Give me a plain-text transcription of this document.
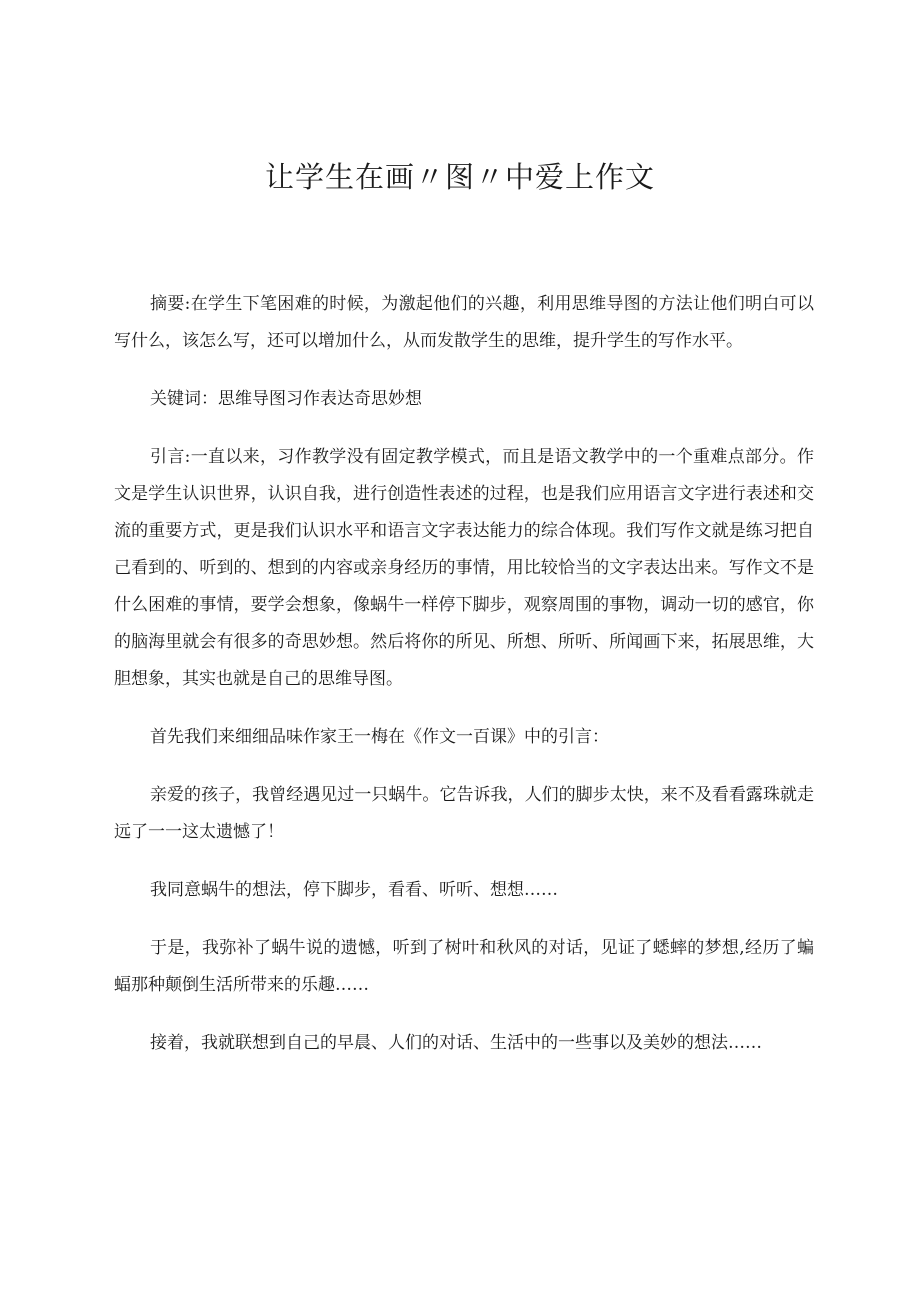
让学生在画〃图〃中爱上作文

摘要:在学生下笔困难的时候，为激起他们的兴趣，利用思维导图的方法让他们明白可以写什么，该怎么写，还可以增加什么，从而发散学生的思维，提升学生的写作水平。

关键词：思维导图习作表达奇思妙想

引言:一直以来，习作教学没有固定教学模式，而且是语文教学中的一个重难点部分。作文是学生认识世界，认识自我，进行创造性表述的过程，也是我们应用语言文字进行表述和交流的重要方式，更是我们认识水平和语言文字表达能力的综合体现。我们写作文就是练习把自己看到的、听到的、想到的内容或亲身经历的事情，用比较恰当的文字表达出来。写作文不是什么困难的事情，要学会想象，像蜗牛一样停下脚步，观察周围的事物，调动一切的感官，你的脑海里就会有很多的奇思妙想。然后将你的所见、所想、所听、所闻画下来，拓展思维，大胆想象，其实也就是自己的思维导图。

首先我们来细细品味作家王一梅在《作文一百课》中的引言：

亲爱的孩子，我曾经遇见过一只蜗牛。它告诉我，人们的脚步太快，来不及看看露珠就走远了一一这太遗憾了！

我同意蜗牛的想法，停下脚步，看看、听听、想想……

于是，我弥补了蜗牛说的遗憾，听到了树叶和秋风的对话，见证了蟋蟀的梦想,经历了蝙蝠那种颠倒生活所带来的乐趣……

接着，我就联想到自己的早晨、人们的对话、生活中的一些事以及美妙的想法……
